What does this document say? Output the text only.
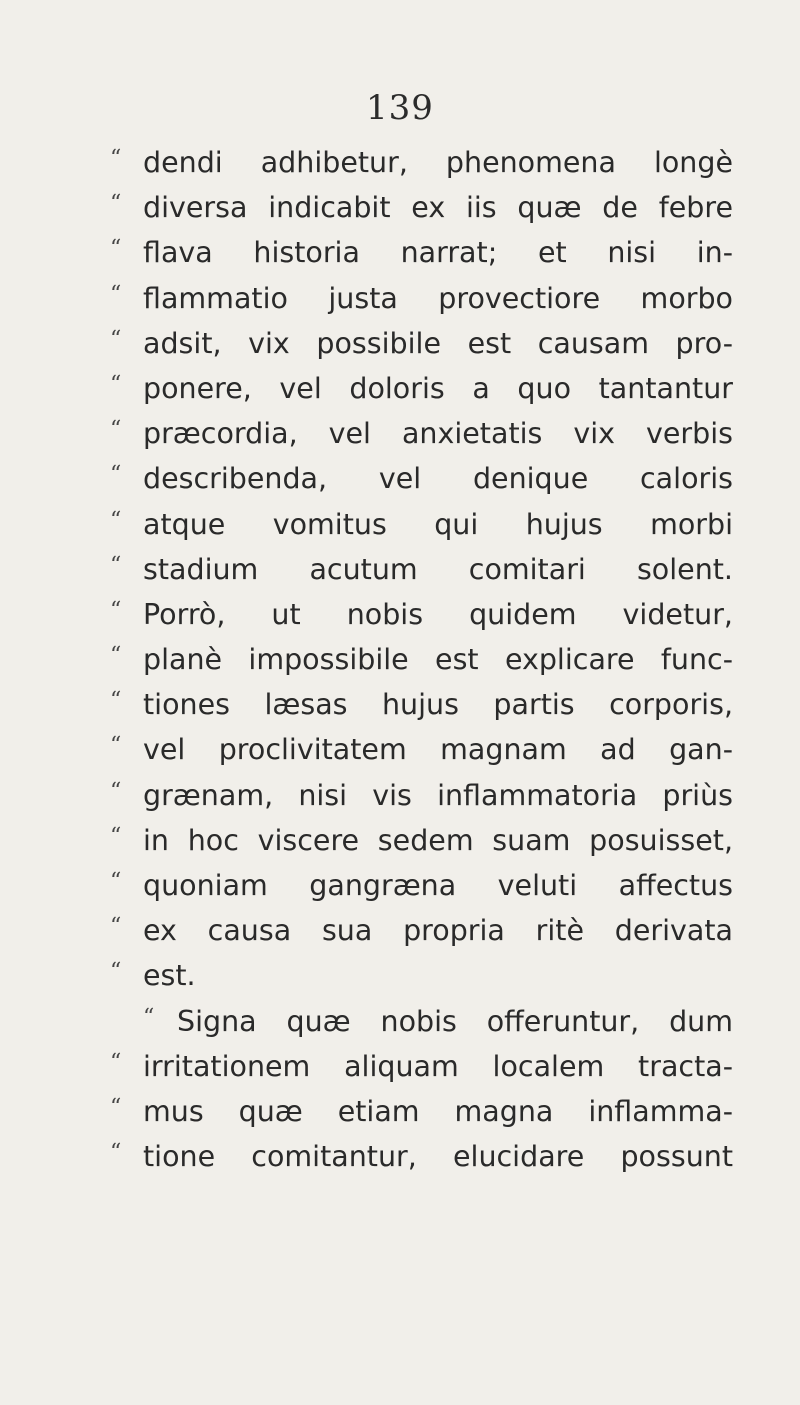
139
“ dendi adhibetur, phenomena longè
“ diversa indicabit ex iis quæ de febre
“ flava historia narrat; et nisi in-
“ flammatio justa provectiore morbo
“ adsit, vix possibile est causam pro-
“ ponere, vel doloris a quo tantantur
“ præcordia, vel anxietatis vix verbis
“ describenda, vel denique caloris
“ atque vomitus qui hujus morbi
“ stadium acutum comitari solent.
“ Porrò, ut nobis quidem videtur,
“ planè impossibile est explicare func-
“ tiones læsas hujus partis corporis,
“ vel proclivitatem magnam ad gan-
“ grænam, nisi vis inflammatoria priùs
“ in hoc viscere sedem suam posuisset,
“ quoniam gangræna veluti affectus
“ ex causa sua propria ritè derivata
“ est.
“ Signa quæ nobis offeruntur, dum
“ irritationem aliquam localem tracta-
“ mus quæ etiam magna inflamma-
“ tione comitantur, elucidare possunt
